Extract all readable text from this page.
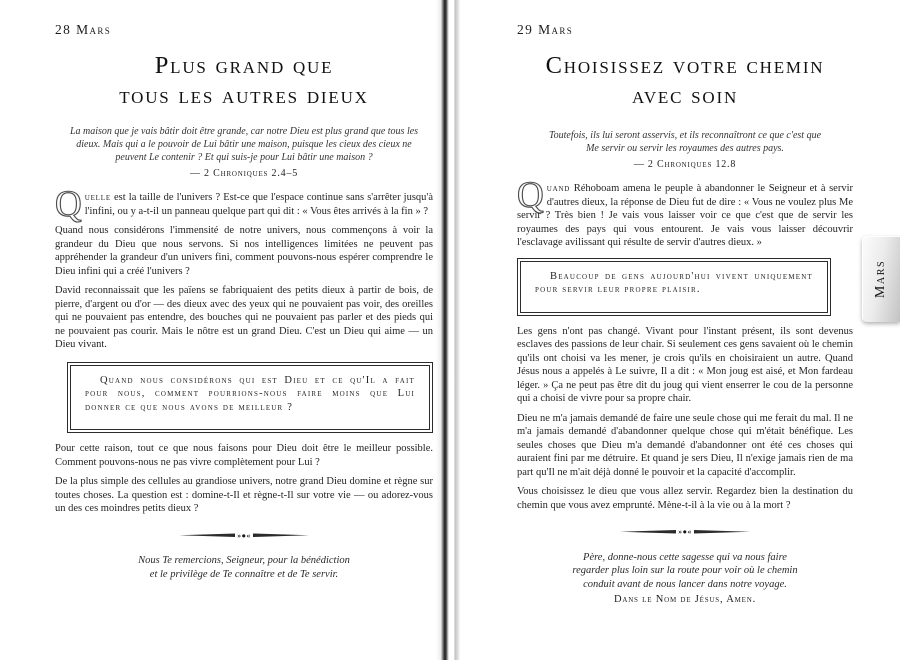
28 Mars
Plus grand que
tous les autres dieux
La maison que je vais bâtir doit être grande, car notre Dieu est plus grand que tous les dieux. Mais qui a le pouvoir de Lui bâtir une maison, puisque les cieux des cieux ne peuvent Le contenir ? Et qui suis-je pour Lui bâtir une maison ?
— 2 Chroniques 2.4–5

Quelle est la taille de l'univers ? Est-ce que l'espace continue sans s'arrêter jusqu'à l'infini, ou y a-t-il un panneau quelque part qui dit : « Vous êtes arrivés à la fin » ?

Quand nous considérons l'immensité de notre univers, nous commençons à voir la grandeur du Dieu que nous servons. Si nos intelligences limitées ne peuvent pas appréhender la grandeur d'un univers fini, comment pouvons-nous espérer comprendre le Dieu infini qui a créé l'univers ?

David reconnaissait que les païens se fabriquaient des petits dieux à partir de bois, de pierre, d'argent ou d'or — des dieux avec des yeux qui ne pouvaient pas voir, des oreilles qui ne pouvaient pas entendre, des bouches qui ne pouvaient pas parler et des pieds qui ne pouvaient pas courir. Mais le nôtre est un grand Dieu. C'est un Dieu qui aime — un Dieu vivant.

Quand nous considérons qui est Dieu et ce qu'Il a fait pour nous, comment pourrions-nous faire moins que Lui donner ce que nous avons de meilleur ?

Pour cette raison, tout ce que nous faisons pour Dieu doit être le meilleur possible. Comment pouvons-nous ne pas vivre complètement pour Lui ?

De la plus simple des cellules au grandiose univers, notre grand Dieu domine et règne sur toutes choses. La question est : domine-t-Il et règne-t-Il sur votre vie — ou adorez-vous un des ces moindres petits dieux ?

»●«
Nous Te remercions, Seigneur, pour la bénédiction
et le privilège de Te connaître et de Te servir.
29 Mars
Choisissez votre chemin
avec soin
Toutefois, ils lui seront asservis, et ils reconnaîtront ce que c'est que Me servir ou servir les royaumes des autres pays.
— 2 Chroniques 12.8

Quand Réhoboam amena le peuple à abandonner le Seigneur et à servir d'autres dieux, la réponse de Dieu fut de dire : « Vous ne voulez plus Me servir ? Très bien ! Je vais vous laisser voir ce que c'est que de servir les royaumes des pays qui vous entourent. Je vais vous laisser découvrir l'esclavage avilissant qui résulte de servir d'autres dieux. »

Beaucoup de gens aujourd'hui vivent uniquement pour servir leur propre plaisir.

Les gens n'ont pas changé. Vivant pour l'instant présent, ils sont devenus esclaves des passions de leur chair. Si seulement ces gens savaient où le chemin qu'ils ont choisi va les mener, je crois qu'ils en choisiraient un autre. Quand Jésus nous a appelés à Le suivre, Il a dit : « Mon joug est aisé, et Mon fardeau léger. » Ça ne peut pas être dit du joug qui vient enserrer le cou de la personne qui a choisi de vivre pour sa propre chair.

Dieu ne m'a jamais demandé de faire une seule chose qui me ferait du mal. Il ne m'a jamais demandé d'abandonner quelque chose qui m'était bénéfique. Les seules choses que Dieu m'a demandé d'abandonner ont été ces choses qui auraient fini par me détruire. Et quand je sers Dieu, Il n'exige jamais rien de ma part qu'Il ne m'ait déjà donné le pouvoir et la capacité d'accomplir.

Vous choisissez le dieu que vous allez servir. Regardez bien la destination du chemin que vous avez emprunté. Mène-t-il à la vie ou à la mort ?

»●«
Père, donne-nous cette sagesse qui va nous faire
regarder plus loin sur la route pour voir où le chemin
conduit avant de nous lancer dans notre voyage.
Dans le Nom de Jésus, Amen.
Mars
